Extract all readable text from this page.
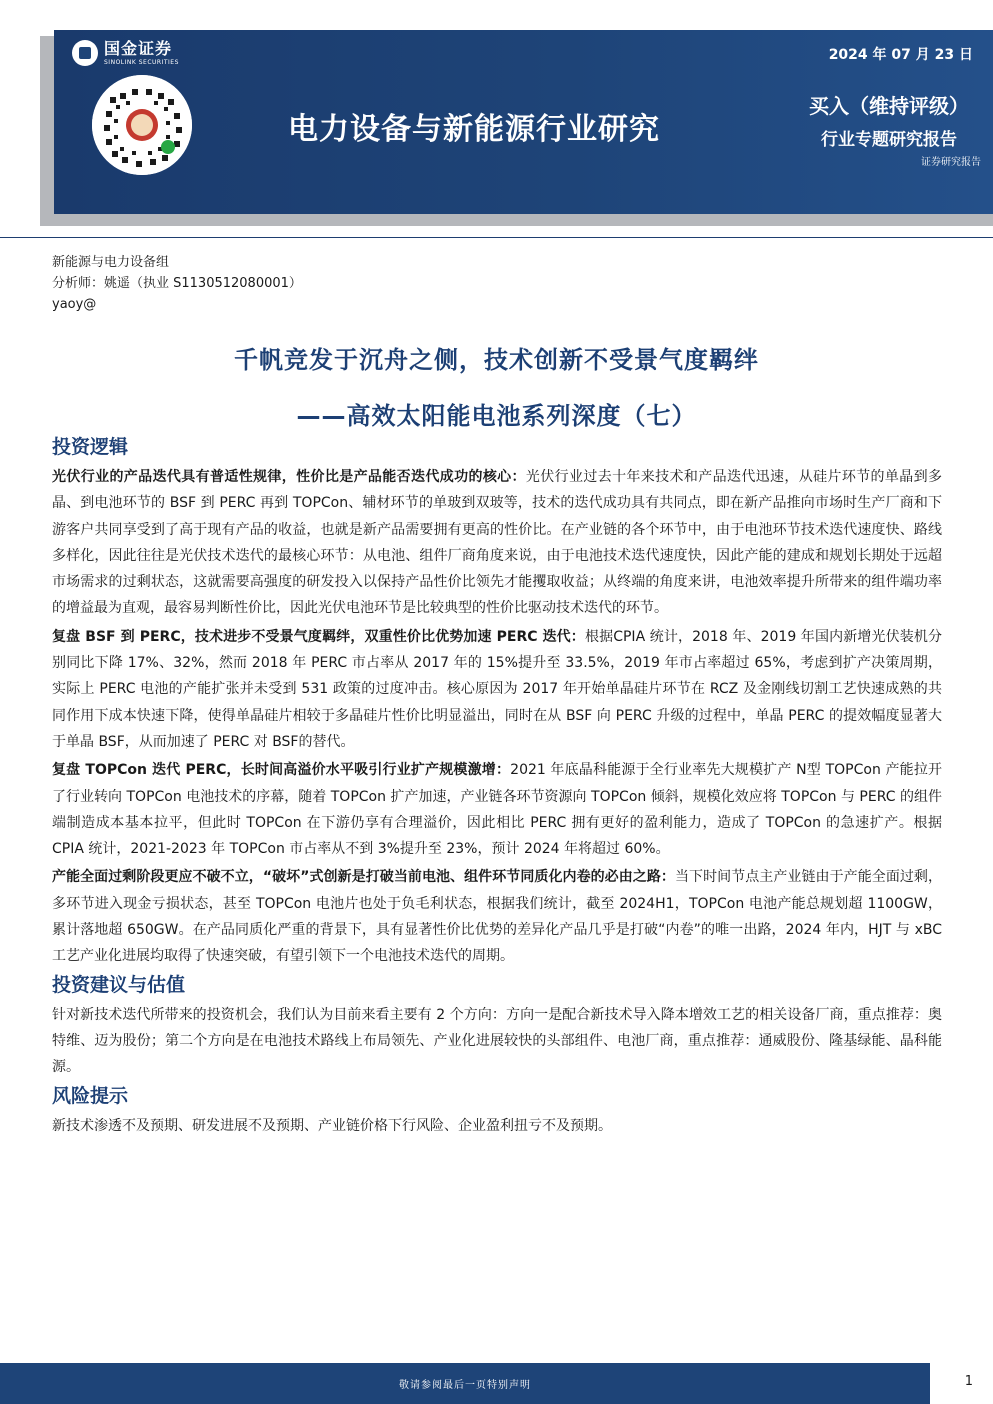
国金证券
SINOLINK SECURITIES
电力设备与新能源行业研究
2024 年 07 月 23 日
买入（维持评级）
行业专题研究报告
证券研究报告
新能源与电力设备组
分析师：姚遥（执业 S1130512080001）
yaoy@
千帆竞发于沉舟之侧，技术创新不受景气度羁绊
——高效太阳能电池系列深度（七）
投资逻辑

光伏行业的产品迭代具有普适性规律，性价比是产品能否迭代成功的核心：光伏行业过去十年来技术和产品迭代迅速，从硅片环节的单晶到多晶、到电池环节的 BSF 到 PERC 再到 TOPCon、辅材环节的单玻到双玻等，技术的迭代成功具有共同点，即在新产品推向市场时生产厂商和下游客户共同享受到了高于现有产品的收益，也就是新产品需要拥有更高的性价比。在产业链的各个环节中，由于电池环节技术迭代速度快、路线多样化，因此往往是光伏技术迭代的最核心环节：从电池、组件厂商角度来说，由于电池技术迭代速度快，因此产能的建成和规划长期处于远超市场需求的过剩状态，这就需要高强度的研发投入以保持产品性价比领先才能攫取收益；从终端的角度来讲，电池效率提升所带来的组件端功率的增益最为直观，最容易判断性价比，因此光伏电池环节是比较典型的性价比驱动技术迭代的环节。

复盘 BSF 到 PERC，技术进步不受景气度羁绊，双重性价比优势加速 PERC 迭代：根据CPIA 统计，2018 年、2019 年国内新增光伏装机分别同比下降 17%、32%，然而 2018 年 PERC 市占率从 2017 年的 15%提升至 33.5%，2019 年市占率超过 65%，考虑到扩产决策周期，实际上 PERC 电池的产能扩张并未受到 531 政策的过度冲击。核心原因为 2017 年开始单晶硅片环节在 RCZ 及金刚线切割工艺快速成熟的共同作用下成本快速下降，使得单晶硅片相较于多晶硅片性价比明显溢出，同时在从 BSF 向 PERC 升级的过程中，单晶 PERC 的提效幅度显著大于单晶 BSF，从而加速了 PERC 对 BSF的替代。

复盘 TOPCon 迭代 PERC，长时间高溢价水平吸引行业扩产规模激增：2021 年底晶科能源于全行业率先大规模扩产 N型 TOPCon 产能拉开了行业转向 TOPCon 电池技术的序幕，随着 TOPCon 扩产加速，产业链各环节资源向 TOPCon 倾斜，规模化效应将 TOPCon 与 PERC 的组件端制造成本基本拉平，但此时 TOPCon 在下游仍享有合理溢价，因此相比 PERC 拥有更好的盈利能力，造成了 TOPCon 的急速扩产。根据CPIA 统计，2021-2023 年 TOPCon 市占率从不到 3%提升至 23%，预计 2024 年将超过 60%。

产能全面过剩阶段更应不破不立，“破坏”式创新是打破当前电池、组件环节同质化内卷的必由之路：当下时间节点主产业链由于产能全面过剩，多环节进入现金亏损状态，甚至 TOPCon 电池片也处于负毛利状态，根据我们统计，截至 2024H1，TOPCon 电池产能总规划超 1100GW，累计落地超 650GW。在产品同质化严重的背景下，具有显著性价比优势的差异化产品几乎是打破“内卷”的唯一出路，2024 年内，HJT 与 xBC 工艺产业化进展均取得了快速突破，有望引领下一个电池技术迭代的周期。

投资建议与估值

针对新技术迭代所带来的投资机会，我们认为目前来看主要有 2 个方向：方向一是配合新技术导入降本增效工艺的相关设备厂商，重点推荐：奥特维、迈为股份；第二个方向是在电池技术路线上布局领先、产业化进展较快的头部组件、电池厂商，重点推荐：通威股份、隆基绿能、晶科能源。

风险提示

新技术渗透不及预期、研发进展不及预期、产业链价格下行风险、企业盈利扭亏不及预期。

敬请参阅最后一页特别声明	1
